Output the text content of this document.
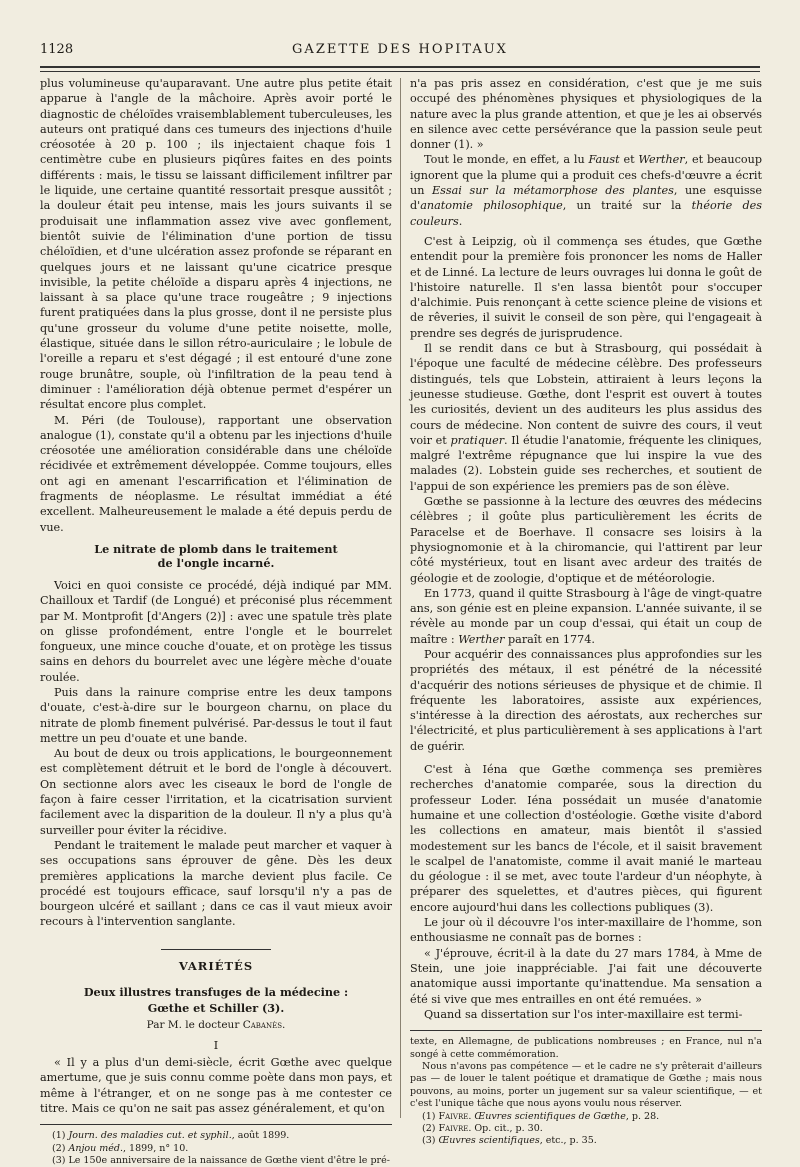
1128	GAZETTE DES HOPITAUX

plus volumineuse qu'auparavant. Une autre plus petite était apparue à l'angle de la mâchoire. Après avoir porté le diagnostic de chéloïdes vraisemblablement tuberculeuses, les auteurs ont pratiqué dans ces tumeurs des injections d'huile créosotée à 20 p. 100 ; ils injectaient chaque fois 1 centimètre cube en plusieurs piqûres faites en des points différents : mais, le tissu se laissant difficilement infiltrer par le liquide, une certaine quantité ressortait presque aussitôt ; la douleur était peu intense, mais les jours suivants il se produisait une inflammation assez vive avec gonflement, bientôt suivie de l'élimination d'une portion de tissu chéloïdien, et d'une ulcération assez profonde se réparant en quelques jours et ne laissant qu'une cicatrice presque invisible, la petite chéloïde a disparu après 4 injections, ne laissant à sa place qu'une trace rougeâtre ; 9 injections furent pratiquées dans la plus grosse, dont il ne persiste plus qu'une grosseur du volume d'une petite noisette, molle, élastique, située dans le sillon rétro-auriculaire ; le lobule de l'oreille a reparu et s'est dégagé ; il est entouré d'une zone rouge brunâtre, souple, où l'infiltration de la peau tend à diminuer : l'amélioration déjà obtenue permet d'espérer un résultat encore plus complet.

M. Péri (de Toulouse), rapportant une observation analogue (1), constate qu'il a obtenu par les injections d'huile créosotée une amélioration considérable dans une chéloïde récidivée et extrêmement développée. Comme toujours, elles ont agi en amenant l'escarrification et l'élimination de fragments de néoplasme. Le résultat immédiat a été excellent. Malheureusement le malade a été depuis perdu de vue.

Le nitrate de plomb dans le traitement
de l'ongle incarné.

Voici en quoi consiste ce procédé, déjà indiqué par MM. Chailloux et Tardif (de Longué) et préconisé plus récemment par M. Montprofit [d'Angers (2)] : avec une spatule très plate on glisse profondément, entre l'ongle et le bourrelet fongueux, une mince couche d'ouate, et on protège les tissus sains en dehors du bourrelet avec une légère mèche d'ouate roulée.

Puis dans la rainure comprise entre les deux tampons d'ouate, c'est-à-dire sur le bourgeon charnu, on place du nitrate de plomb finement pulvérisé. Par-dessus le tout il faut mettre un peu d'ouate et une bande.

Au bout de deux ou trois applications, le bourgeonnement est complètement détruit et le bord de l'ongle à découvert. On sectionne alors avec les ciseaux le bord de l'ongle de façon à faire cesser l'irritation, et la cicatrisation survient facilement avec la disparition de la douleur. Il n'y a plus qu'à surveiller pour éviter la récidive.

Pendant le traitement le malade peut marcher et vaquer à ses occupations sans éprouver de gêne. Dès les deux premières applications la marche devient plus facile. Ce procédé est toujours efficace, sauf lorsqu'il n'y a pas de bourgeon ulcéré et saillant ; dans ce cas il vaut mieux avoir recours à l'intervention sanglante.

VARIÉTÉS
Deux illustres transfuges de la médecine :
Gœthe et Schiller (3).
Par M. le docteur Cabanès.
I

« Il y a plus d'un demi-siècle, écrit Gœthe avec quelque amertume, que je suis connu comme poète dans mon pays, et même à l'étranger, et on ne songe pas à me contester ce titre. Mais ce qu'on ne sait pas assez généralement, et qu'on

(1) Journ. des maladies cut. et syphil., août 1899.

(2) Anjou méd., 1899, n° 10.

(3) Le 150e anniversaire de la naissance de Gœthe vient d'être le pré-

n'a pas pris assez en considération, c'est que je me suis occupé des phénomènes physiques et physiologiques de la nature avec la plus grande attention, et que je les ai observés en silence avec cette persévérance que la passion seule peut donner (1). »

Tout le monde, en effet, a lu Faust et Werther, et beaucoup ignorent que la plume qui a produit ces chefs-d'œuvre a écrit un Essai sur la métamorphose des plantes, une esquisse d'anatomie philosophique, un traité sur la théorie des couleurs.

C'est à Leipzig, où il commença ses études, que Gœthe entendit pour la première fois prononcer les noms de Haller et de Linné. La lecture de leurs ouvrages lui donna le goût de l'histoire naturelle. Il s'en lassa bientôt pour s'occuper d'alchimie. Puis renonçant à cette science pleine de visions et de rêveries, il suivit le conseil de son père, qui l'engageait à prendre ses degrés de jurisprudence.

Il se rendit dans ce but à Strasbourg, qui possédait à l'époque une faculté de médecine célèbre. Des professeurs distingués, tels que Lobstein, attiraient à leurs leçons la jeunesse studieuse. Gœthe, dont l'esprit est ouvert à toutes les curiosités, devient un des auditeurs les plus assidus des cours de médecine. Non content de suivre des cours, il veut voir et pratiquer. Il étudie l'anatomie, fréquente les cliniques, malgré l'extrême répugnance que lui inspire la vue des malades (2). Lobstein guide ses recherches, et soutient de l'appui de son expérience les premiers pas de son élève.

Gœthe se passionne à la lecture des œuvres des médecins célèbres ; il goûte plus particulièrement les écrits de Paracelse et de Boerhave. Il consacre ses loisirs à la physiognomonie et à la chiromancie, qui l'attirent par leur côté mystérieux, tout en lisant avec ardeur des traités de géologie et de zoologie, d'optique et de météorologie.

En 1773, quand il quitte Strasbourg à l'âge de vingt-quatre ans, son génie est en pleine expansion. L'année suivante, il se révèle au monde par un coup d'essai, qui était un coup de maître : Werther paraît en 1774.

Pour acquérir des connaissances plus approfondies sur les propriétés des métaux, il est pénétré de la nécessité d'acquérir des notions sérieuses de physique et de chimie. Il fréquente les laboratoires, assiste aux expériences, s'intéresse à la direction des aérostats, aux recherches sur l'électricité, et plus particulièrement à ses applications à l'art de guérir.

C'est à Iéna que Gœthe commença ses premières recherches d'anatomie comparée, sous la direction du professeur Loder. Iéna possédait un musée d'anatomie humaine et une collection d'ostéologie. Gœthe visite d'abord les collections en amateur, mais bientôt il s'assied modestement sur les bancs de l'école, et il saisit bravement le scalpel de l'anatomiste, comme il avait manié le marteau du géologue : il se met, avec toute l'ardeur d'un néophyte, à préparer des squelettes, et d'autres pièces, qui figurent encore aujourd'hui dans les collections publiques (3).

Le jour où il découvre l'os inter-maxillaire de l'homme, son enthousiasme ne connaît pas de bornes :

« J'éprouve, écrit-il à la date du 27 mars 1784, à Mme de Stein, une joie inappréciable. J'ai fait une découverte anatomique aussi importante qu'inattendue. Ma sensation a été si vive que mes entrailles en ont été remuées. »

Quand sa dissertation sur l'os inter-maxillaire est termi-

texte, en Allemagne, de publications nombreuses ; en France, nul n'a songé à cette commémoration.

Nous n'avons pas compétence — et le cadre ne s'y prêterait d'ailleurs pas — de louer le talent poétique et dramatique de Gœthe ; mais nous pouvons, au moins, porter un jugement sur sa valeur scientifique, — et c'est l'unique tâche que nous ayons voulu nous réserver.

(1) Faivre. Œuvres scientifiques de Gœthe, p. 28.

(2) Faivre. Op. cit., p. 30.

(3) Œuvres scientifiques, etc., p. 35.
